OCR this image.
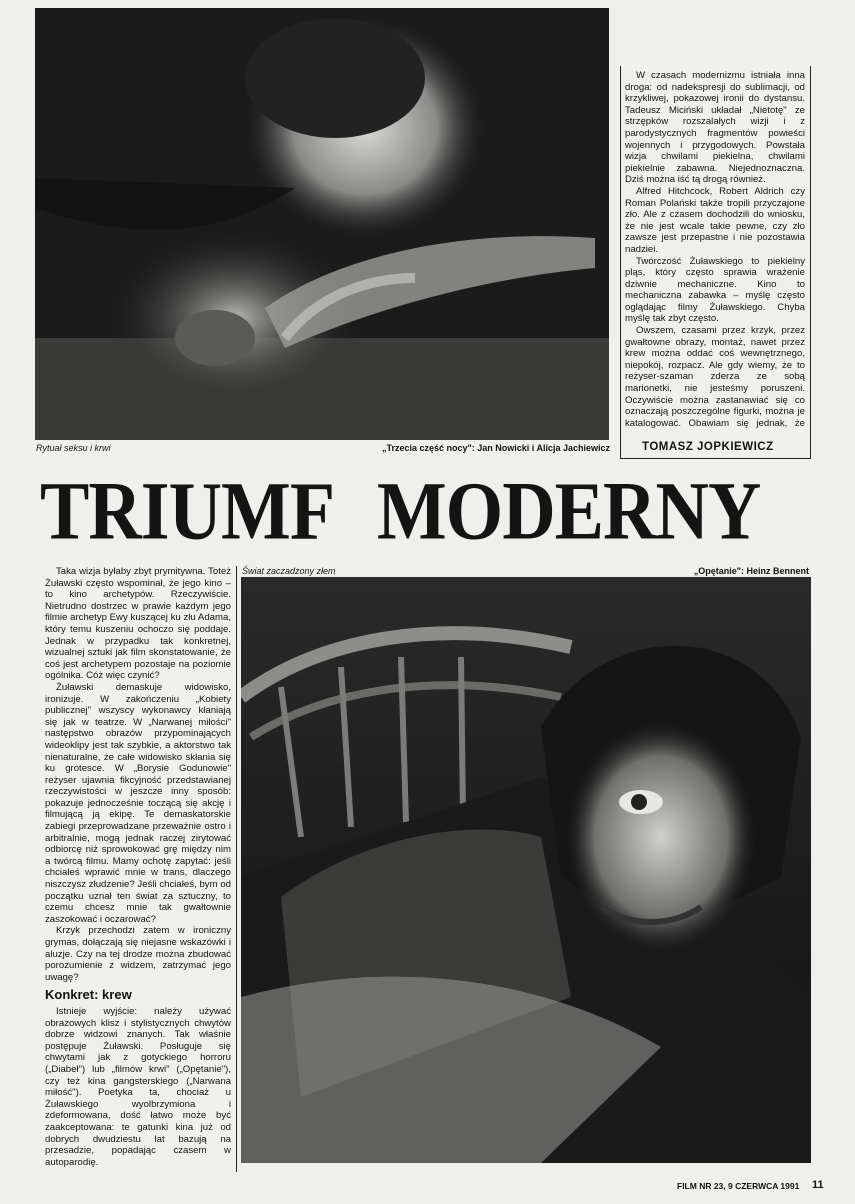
Rytuał seksu i krwi	„Trzecia część nocy": Jan Nowicki i Alicja Jachiewicz

W czasach modernizmu istniała inna droga: od nadekspresji do sublimacji, od krzykliwej, pokazowej ironii do dystansu. Tadeusz Miciński układał „Nietotę" ze strzępków rozszalałych wizji i z parodystycznych fragmentów powieści wojennych i przygodowych. Powstała wizja chwilami piekielna, chwilami piekielnie zabawna. Niejednoznaczna. Dziś można iść tą drogą również.

Alfred Hitchcock, Robert Aldrich czy Roman Polański także tropili przyczajone zło. Ale z czasem dochodzili do wniosku, że nie jest wcale takie pewne, czy zło zawsze jest przepastne i nie pozostawia nadziei.

Twórczość Żuławskiego to piekielny pląs, który często sprawia wrażenie dziwnie mechaniczne. Kino to mechaniczna zabawka – myślę często oglądając filmy Żuławskiego. Chyba myślę tak zbyt często.

Owszem, czasami przez krzyk, przez gwałtowne obrazy, montaż, nawet przez krew można oddać coś wewnętrznego, niepokój, rozpacz. Ale gdy wiemy, że to reżyser-szaman zderza ze sobą marionetki, nie jesteśmy poruszeni. Oczywiście można zastanawiać się co oznaczają poszczególne figurki, można je katalogować. Obawiam się jednak, że

TOMASZ JOPKIEWICZ
TRIUMF MODERNY
Świat zaczadzony złem	„Opętanie": Heinz Bennent

Taka wizja byłaby zbyt prymitywna. Toteż Żuławski często wspominał, że jego kino – to kino archetypów. Rzeczywiście. Nietrudno dostrzec w prawie każdym jego filmie archetyp Ewy kuszącej ku złu Adama, który temu kuszeniu ochoczo się poddaje. Jednak w przypadku tak konkretnej, wizualnej sztuki jak film skonstatowanie, że coś jest archetypem pozostaje na poziomie ogólnika. Cóż więc czynić?

Żuławski demaskuje widowisko, ironizuje. W zakończeniu „Kobiety publicznej" wszyscy wykonawcy kłaniają się jak w teatrze. W „Narwanej miłości" następstwo obrazów przypominających wideoklipy jest tak szybkie, a aktorstwo tak nienaturalne, że całe widowisko skłania się ku grotesce. W „Borysie Godunowie" reżyser ujawnia fikcyjność przedstawianej rzeczywistości w jeszcze inny sposób: pokazuje jednocześnie toczącą się akcję i filmującą ją ekipę. Te demaskatorskie zabiegi przeprowadzane przeważnie ostro i arbitralnie, mogą jednak raczej zirytować odbiorcę niż sprowokować grę między nim a twórcą filmu. Mamy ochotę zapytać: jeśli chciałeś wprawić mnie w trans, dlaczego niszczysz złudzenie? Jeśli chciałeś, bym od początku uznał ten świat za sztuczny, to czemu chcesz mnie tak gwałtownie zaszokować i oczarować?

Krzyk przechodzi zatem w ironiczny grymas, dołączają się niejasne wskazówki i aluzje. Czy na tej drodze można zbudować porozumienie z widzem, zatrzymać jego uwagę?

Konkret: krew

Istnieje wyjście: należy używać obrazowych klisz i stylistycznych chwytów dobrze widzowi znanych. Tak właśnie postępuje Żuławski. Posługuje się chwytami jak z gotyckiego horroru („Diabeł") lub „filmów krwi" („Opętanie"), czy też kina gangsterskiego („Narwana miłość"). Poetyka ta, chociaż u Żuławskiego wyolbrzymiona i zdeformowana, dość łatwo może być zaakceptowana: te gatunki kina już od dobrych dwudziestu lat bazują na przesadzie, popadając czasem w autoparodię.

FILM NR 23, 9 CZERWCA 1991 11
